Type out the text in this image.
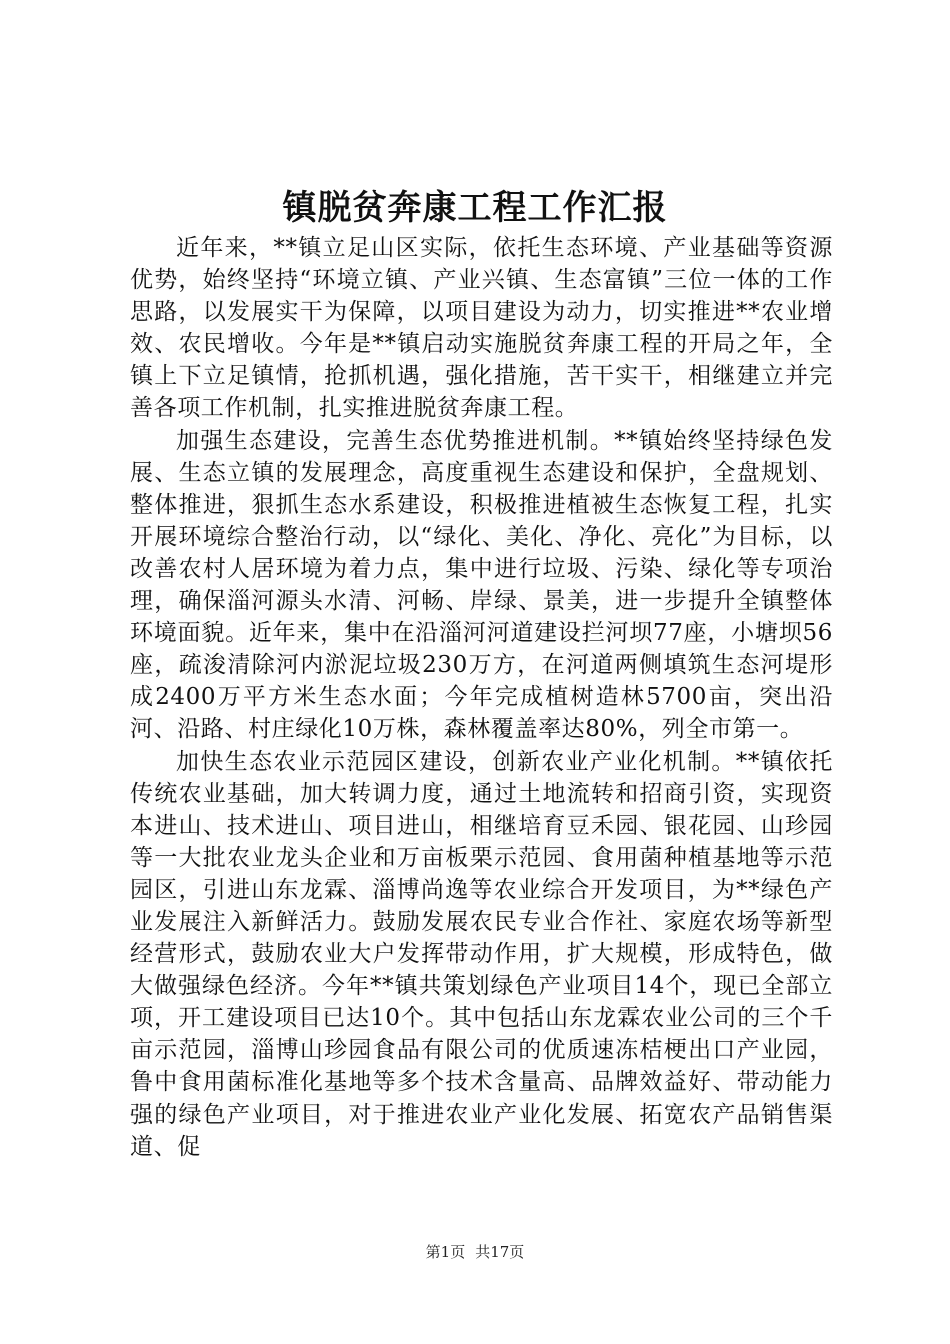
镇脱贫奔康工程工作汇报

近年来，**镇立足山区实际，依托生态环境、产业基础等资源优势，始终坚持“环境立镇、产业兴镇、生态富镇”三位一体的工作思路，以发展实干为保障，以项目建设为动力，切实推进**农业增效、农民增收。今年是**镇启动实施脱贫奔康工程的开局之年，全镇上下立足镇情，抢抓机遇，强化措施，苦干实干，相继建立并完善各项工作机制，扎实推进脱贫奔康工程。

加强生态建设，完善生态优势推进机制。**镇始终坚持绿色发展、生态立镇的发展理念，高度重视生态建设和保护，全盘规划、整体推进，狠抓生态水系建设，积极推进植被生态恢复工程，扎实开展环境综合整治行动，以“绿化、美化、净化、亮化”为目标，以改善农村人居环境为着力点，集中进行垃圾、污染、绿化等专项治理，确保淄河源头水清、河畅、岸绿、景美，进一步提升全镇整体环境面貌。近年来，集中在沿淄河河道建设拦河坝77座，小塘坝56座，疏浚清除河内淤泥垃圾230万方，在河道两侧填筑生态河堤形成2400万平方米生态水面；今年完成植树造林5700亩，突出沿河、沿路、村庄绿化10万株，森林覆盖率达80%，列全市第一。

加快生态农业示范园区建设，创新农业产业化机制。**镇依托传统农业基础，加大转调力度，通过土地流转和招商引资，实现资本进山、技术进山、项目进山，相继培育豆禾园、银花园、山珍园等一大批农业龙头企业和万亩板栗示范园、食用菌种植基地等示范园区，引进山东龙霖、淄博尚逸等农业综合开发项目，为**绿色产业发展注入新鲜活力。鼓励发展农民专业合作社、家庭农场等新型经营形式，鼓励农业大户发挥带动作用，扩大规模，形成特色，做大做强绿色经济。今年**镇共策划绿色产业项目14个，现已全部立项，开工建设项目已达10个。其中包括山东龙霖农业公司的三个千亩示范园，淄博山珍园食品有限公司的优质速冻桔梗出口产业园，鲁中食用菌标准化基地等多个技术含量高、品牌效益好、带动能力强的绿色产业项目，对于推进农业产业化发展、拓宽农产品销售渠道、促

第1页 共17页
